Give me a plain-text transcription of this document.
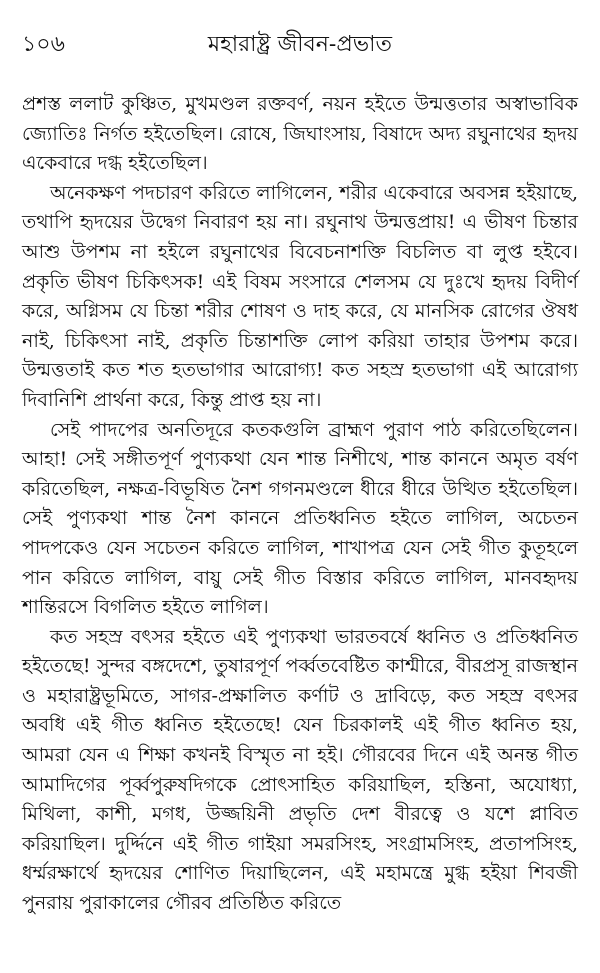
১০৬	মহারাষ্ট্র জীবন-প্রভাত

প্রশস্ত ললাট কুঞ্চিত, মুখমণ্ডল রক্তবর্ণ, নয়ন হইতে উন্মত্ততার অস্বাভাবিক জ্যোতিঃ নির্গত হইতেছিল। রোষে, জিঘাংসায়, বিষাদে অদ্য রঘুনাথের হৃদয় একেবারে দগ্ধ হইতেছিল।

অনেকক্ষণ পদচারণ করিতে লাগিলেন, শরীর একেবারে অবসন্ন হইয়াছে, তথাপি হৃদয়ের উদ্বেগ নিবারণ হয় না। রঘুনাথ উন্মত্তপ্রায়! এ ভীষণ চিন্তার আশু উপশম না হইলে রঘুনাথের বিবেচনাশক্তি বিচলিত বা লুপ্ত হইবে। প্রকৃতি ভীষণ চিকিৎসক! এই বিষম সংসারে শেলসম যে দুঃখে হৃদয় বিদীর্ণ করে, অগ্নিসম যে চিন্তা শরীর শোষণ ও দাহ করে, যে মানসিক রোগের ঔষধ নাই, চিকিৎসা নাই, প্রকৃতি চিন্তাশক্তি লোপ করিয়া তাহার উপশম করে। উন্মত্ততাই কত শত হতভাগার আরোগ্য! কত সহস্র হতভাগা এই আরোগ্য দিবানিশি প্রার্থনা করে, কিন্তু প্রাপ্ত হয় না।

সেই পাদপের অনতিদূরে কতকগুলি ব্রাহ্মণ পুরাণ পাঠ করিতেছিলেন। আহা! সেই সঙ্গীতপূর্ণ পুণ্যকথা যেন শান্ত নিশীথে, শান্ত কাননে অমৃত বর্ষণ করিতেছিল, নক্ষত্র-বিভূষিত নৈশ গগনমণ্ডলে ধীরে ধীরে উত্থিত হইতেছিল। সেই পুণ্যকথা শান্ত নৈশ কাননে প্রতিধ্বনিত হইতে লাগিল, অচেতন পাদপকেও যেন সচেতন করিতে লাগিল, শাখাপত্র যেন সেই গীত কুতূহলে পান করিতে লাগিল, বায়ু সেই গীত বিস্তার করিতে লাগিল, মানবহৃদয় শান্তিরসে বিগলিত হইতে লাগিল।

কত সহস্র বৎসর হইতে এই পুণ্যকথা ভারতবর্ষে ধ্বনিত ও প্রতিধ্বনিত হইতেছে! সুন্দর বঙ্গদেশে, তুষারপূর্ণ পর্ব্বতবেষ্টিত কাশ্মীরে, বীরপ্রসূ রাজস্থান ও মহারাষ্ট্রভূমিতে, সাগর-প্রক্ষালিত কর্ণাট ও দ্রাবিড়ে, কত সহস্র বৎসর অবধি এই গীত ধ্বনিত হইতেছে! যেন চিরকালই এই গীত ধ্বনিত হয়, আমরা যেন এ শিক্ষা কখনই বিস্মৃত না হই। গৌরবের দিনে এই অনন্ত গীত আমাদিগের পূর্ব্বপুরুষদিগকে প্রোৎসাহিত করিয়াছিল, হস্তিনা, অযোধ্যা, মিথিলা, কাশী, মগধ, উজ্জয়িনী প্রভৃতি দেশ বীরত্বে ও যশে প্লাবিত করিয়াছিল। দুর্দ্দিনে এই গীত গাইয়া সমরসিংহ, সংগ্রামসিংহ, প্রতাপসিংহ, ধর্ম্মরক্ষার্থে হৃদয়ের শোণিত দিয়াছিলেন, এই মহামন্ত্রে মুগ্ধ হইয়া শিবজী পুনরায় পুরাকালের গৌরব প্রতিষ্ঠিত করিতে
